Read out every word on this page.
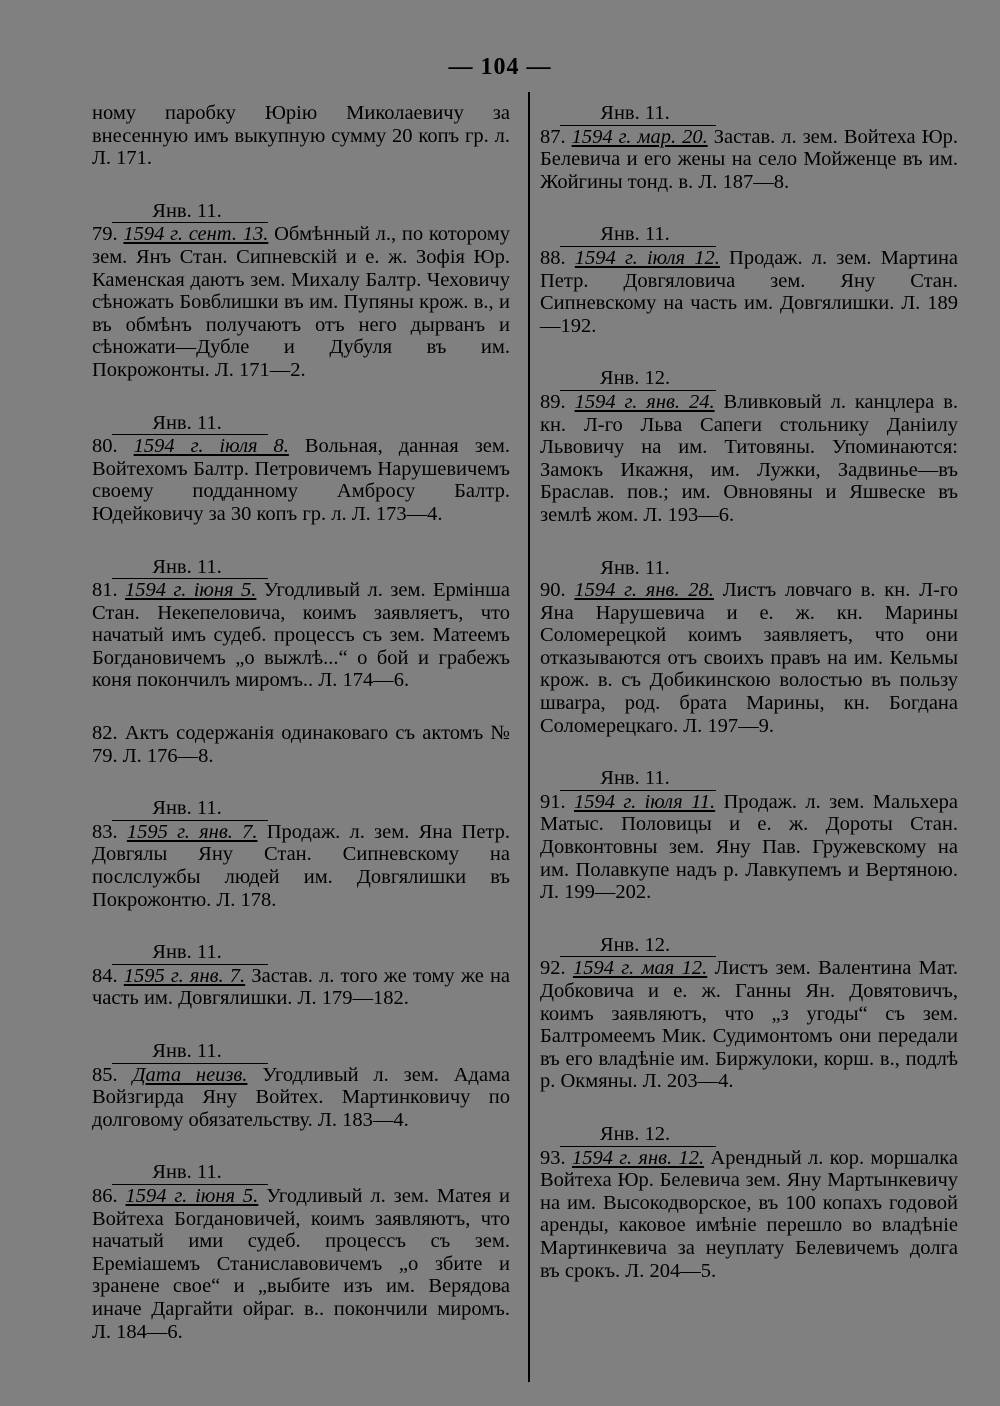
— 104 —

ному паробку Юрію Миколаевичу за внесенную имъ выкупную сумму 20 копъ гр. л. Л. 171.

Янв. 11.

79. 1594 г. сент. 13. Обмѣнный л., по которому зем. Янъ Стан. Сипневскій и е. ж. Зофія Юр. Каменская даютъ зем. Михалу Балтр. Чеховичу сѣножать Бовблишки въ им. Пупяны крож. в., и въ обмѣнъ получаютъ отъ него дырванъ и сѣножати—Дубле и Дубуля въ им. Покрожонты. Л. 171—2.

Янв. 11.

80. 1594 г. іюля 8. Вольная, данная зем. Войтехомъ Балтр. Петровичемъ Нарушевичемъ своему подданному Амбросу Балтр. Юдейковичу за 30 копъ гр. л. Л. 173—4.

Янв. 11.

81. 1594 г. іюня 5. Угодливый л. зем. Ермінша Стан. Некепеловича, коимъ заявляетъ, что начатый имъ судеб. процессъ съ зем. Матеемъ Богдановичемъ „о выжлѣ...“ о бой и грабежъ коня покончилъ миромъ.. Л. 174—6.

82. Актъ содержанія одинаковаго съ актомъ № 79. Л. 176—8.

Янв. 11.

83. 1595 г. янв. 7. Продаж. л. зем. Яна Петр. Довгялы Яну Стан. Сипневскому на послслужбы людей им. Довгялишки въ Покрожонтю. Л. 178.

Янв. 11.

84. 1595 г. янв. 7. Застав. л. того же тому же на часть им. Довгялишки. Л. 179—182.

Янв. 11.

85. Дата неизв. Угодливый л. зем. Адама Войзгирда Яну Войтех. Мартинковичу по долговому обязательству. Л. 183—4.

Янв. 11.

86. 1594 г. іюня 5. Угодливый л. зем. Матея и Войтеха Богдановичей, коимъ заявляютъ, что начатый ими судеб. процессъ съ зем. Еремiашемъ Станиславовичемъ „о збите и зранене свое“ и „выбите изъ им. Верядова иначе Даргайти ойраг. в.. покончили миромъ. Л. 184—6.

Янв. 11.

87. 1594 г. мар. 20. Застав. л. зем. Войтеха Юр. Белевича и его жены на село Мойженце въ им. Жойгины тонд. в. Л. 187—8.

Янв. 11.

88. 1594 г. іюля 12. Продаж. л. зем. Мартина Петр. Довгяловича зем. Яну Стан. Сипневскому на часть им. Довгялишки. Л. 189—192.

Янв. 12.

89. 1594 г. янв. 24. Вливковый л. канцлера в. кн. Л-го Льва Сапеги стольнику Даніилу Львовичу на им. Титовяны. Упоминаются: Замокъ Икажня, им. Лужки, Задвинье—въ Браслав. пов.; им. Овновяны и Яшвеске въ землѣ жом. Л. 193—6.

Янв. 11.

90. 1594 г. янв. 28. Листъ ловчаго в. кн. Л-го Яна Нарушевича и е. ж. кн. Марины Соломерецкой коимъ заявляетъ, что они отказываются отъ своихъ правъ на им. Кельмы крож. в. съ Добикинскою волостью въ пользу шваrpa, род. брата Марины, кн. Богдана Соломерецкаго. Л. 197—9.

Янв. 11.

91. 1594 г. іюля 11. Продаж. л. зем. Мальхера Матыс. Половицы и е. ж. Дороты Стан. Довконтовны зем. Яну Пав. Гружевскому на им. Полавкупе надъ р. Лавкупемъ и Вертяною. Л. 199—202.

Янв. 12.

92. 1594 г. мая 12. Листъ зем. Валентина Мат. Добковича и е. ж. Ганны Ян. Довятовичъ, коимъ заявляютъ, что „з угоды“ съ зем. Балтромеемъ Мик. Судимонтомъ они передали въ его владѣніе им. Биржулоки, корш. в., подлѣ р. Окмяны. Л. 203—4.

Янв. 12.

93. 1594 г. янв. 12. Арендный л. кор. моршалка Войтеха Юр. Белевича зем. Яну Мартынкевичу на им. Высокодворское, въ 100 копахъ годовой аренды, каковое имѣніе перешло во владѣніе Мартинкевича за неуплату Белевичемъ долга въ срокъ. Л. 204—5.
